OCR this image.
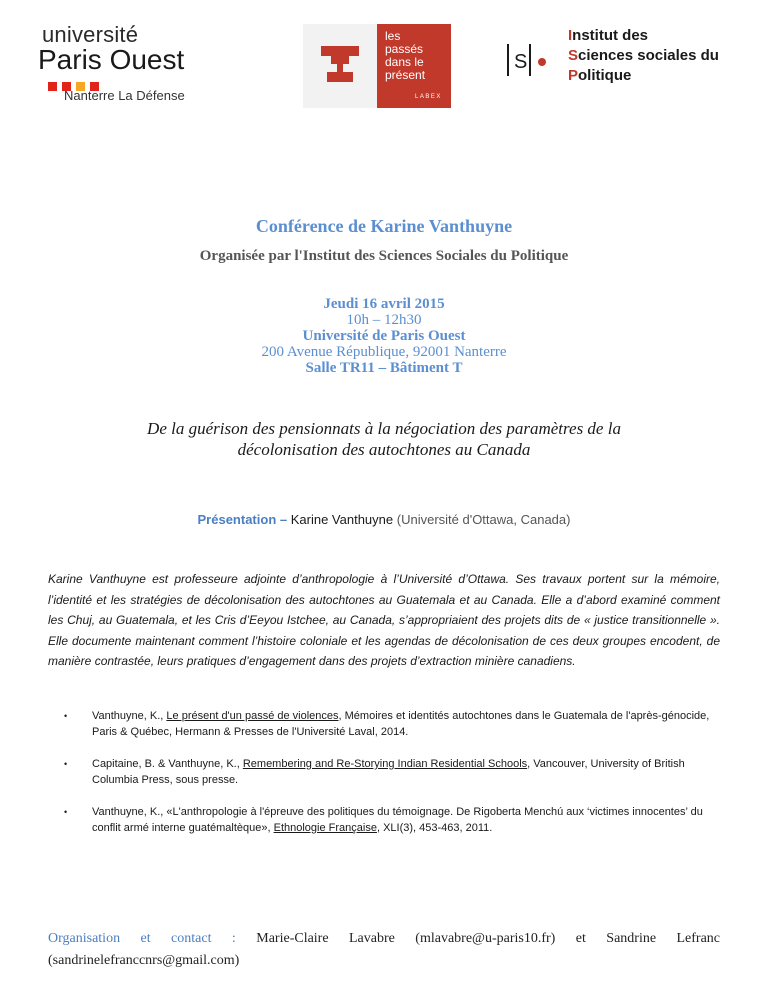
université
Paris Ouest
Nanterre La Défense
les
passés
dans le
présent
LABEX
S
Institut des
Sciences sociales du
Politique
Conférence de Karine Vanthuyne
Organisée par l'Institut des Sciences Sociales du Politique
Jeudi 16 avril 2015
10h – 12h30
Université de Paris Ouest
200 Avenue République, 92001 Nanterre
Salle TR11 – Bâtiment T
De la guérison des pensionnats à la négociation des paramètres de la
décolonisation des autochtones au Canada
Présentation – Karine Vanthuyne (Université d'Ottawa, Canada)
Karine Vanthuyne est professeure adjointe d’anthropologie à l’Université d’Ottawa. Ses travaux portent sur la mémoire, l’identité et les stratégies de décolonisation des autochtones au Guatemala et au Canada. Elle a d’abord examiné comment les Chuj, au Guatemala, et les Cris d’Eeyou Istchee, au Canada, s’appropriaient des projets dits de « justice transitionnelle ». Elle documente maintenant comment l’histoire coloniale et les agendas de décolonisation de ces deux groupes encodent, de manière contrastée, leurs pratiques d’engagement dans des projets d’extraction minière canadiens.
• Vanthuyne, K., Le présent d'un passé de violences, Mémoires et identités autochtones dans le Guatemala de l'après-génocide, Paris & Québec, Hermann & Presses de l'Université Laval, 2014.
• Capitaine, B. & Vanthuyne, K., Remembering and Re-Storying Indian Residential Schools, Vancouver, University of British Columbia Press, sous presse.
• Vanthuyne, K., «L'anthropologie à l'épreuve des politiques du témoignage. De Rigoberta Menchú aux ‘victimes innocentes’ du conflit armé interne guatémaltèque», Ethnologie Française, XLI(3), 453-463, 2011.
Organisation et contact : Marie-Claire Lavabre (mlavabre@u-paris10.fr) et Sandrine Lefranc (sandrinelefranccnrs@gmail.com)
